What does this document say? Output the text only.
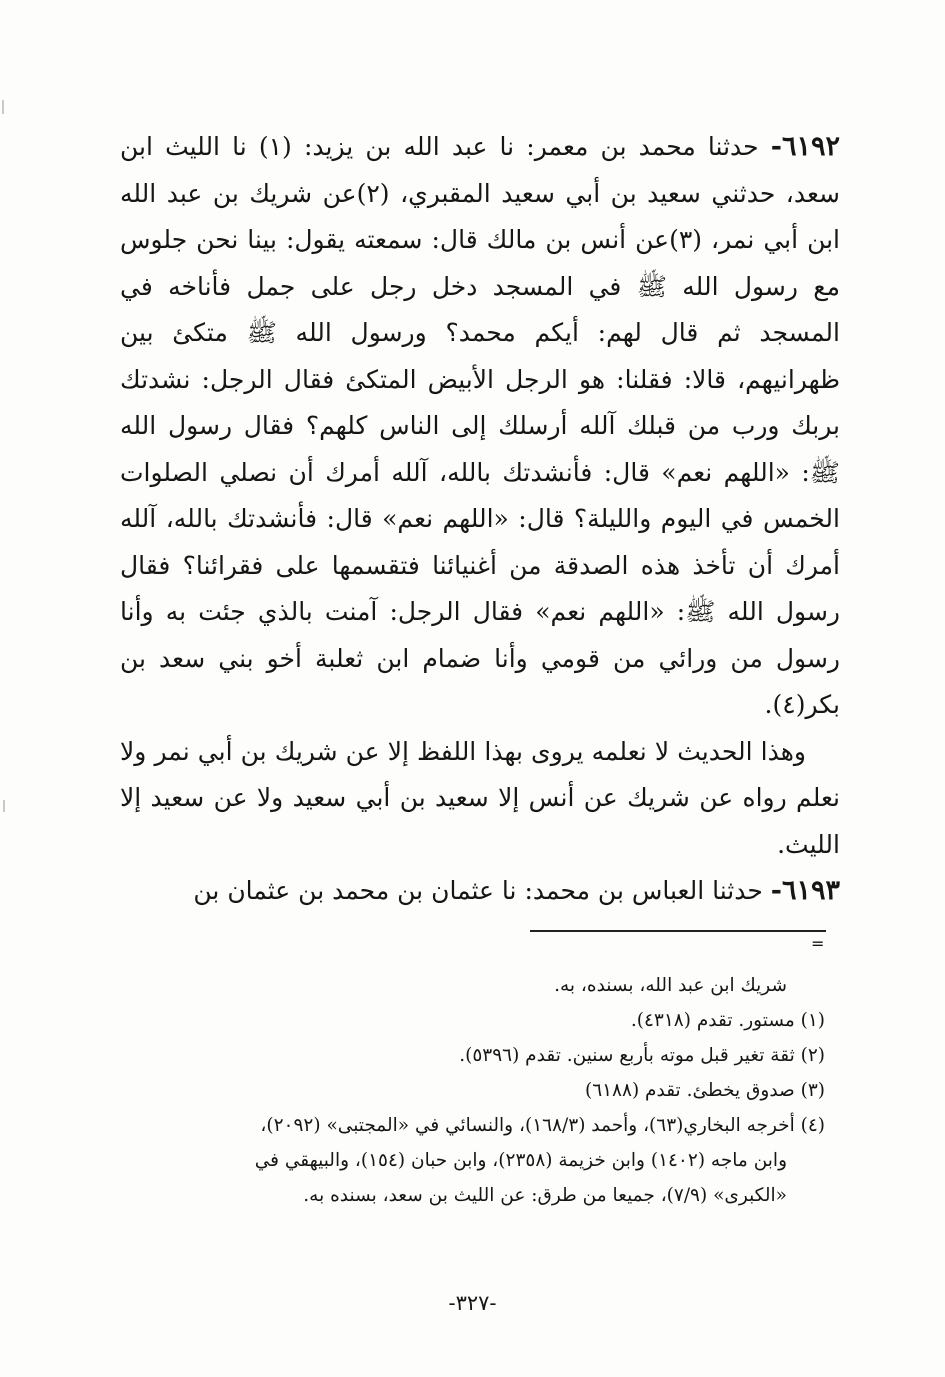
٦١٩٢- حدثنا محمد بن معمر: نا عبد الله بن يزيد: (١) نا الليث ابن سعد، حدثني سعيد بن أبي سعيد المقبري، (٢)عن شريك بن عبد الله ابن أبي نمر، (٣)عن أنس بن مالك قال: سمعته يقول: بينا نحن جلوس مع رسول الله ﷺ في المسجد دخل رجل على جمل فأناخه في المسجد ثم قال لهم: أيكم محمد؟ ورسول الله ﷺ متكئ بين ظهرانيهم، قالا: فقلنا: هو الرجل الأبيض المتكئ فقال الرجل: نشدتك بربك ورب من قبلك آلله أرسلك إلى الناس كلهم؟ فقال رسول الله ﷺ: «اللهم نعم» قال: فأنشدتك بالله، آلله أمرك أن نصلي الصلوات الخمس في اليوم والليلة؟ قال: «اللهم نعم» قال: فأنشدتك بالله، آلله أمرك أن تأخذ هذه الصدقة من أغنيائنا فتقسمها على فقرائنا؟ فقال رسول الله ﷺ: «اللهم نعم» فقال الرجل: آمنت بالذي جئت به وأنا رسول من ورائي من قومي وأنا ضمام ابن ثعلبة أخو بني سعد بن بكر(٤).

وهذا الحديث لا نعلمه يروى بهذا اللفظ إلا عن شريك بن أبي نمر ولا نعلم رواه عن شريك عن أنس إلا سعيد بن أبي سعيد ولا عن سعيد إلا الليث.

٦١٩٣- حدثنا العباس بن محمد: نا عثمان بن محمد بن عثمان بن

=

شريك ابن عبد الله، بسنده، به.

(١) مستور. تقدم (٤٣١٨).

(٢) ثقة تغير قبل موته بأربع سنين. تقدم (٥٣٩٦).

(٣) صدوق يخطئ. تقدم (٦١٨٨)

(٤) أخرجه البخاري(٦٣)، وأحمد (١٦٨/٣)، والنسائي في «المجتبى» (٢٠٩٢)،

وابن ماجه (١٤٠٢) وابن خزيمة (٢٣٥٨)، وابن حبان (١٥٤)، والبيهقي في

«الكبرى» (٧/٩)، جميعا من طرق: عن الليث بن سعد، بسنده به.

-٣٢٧-
